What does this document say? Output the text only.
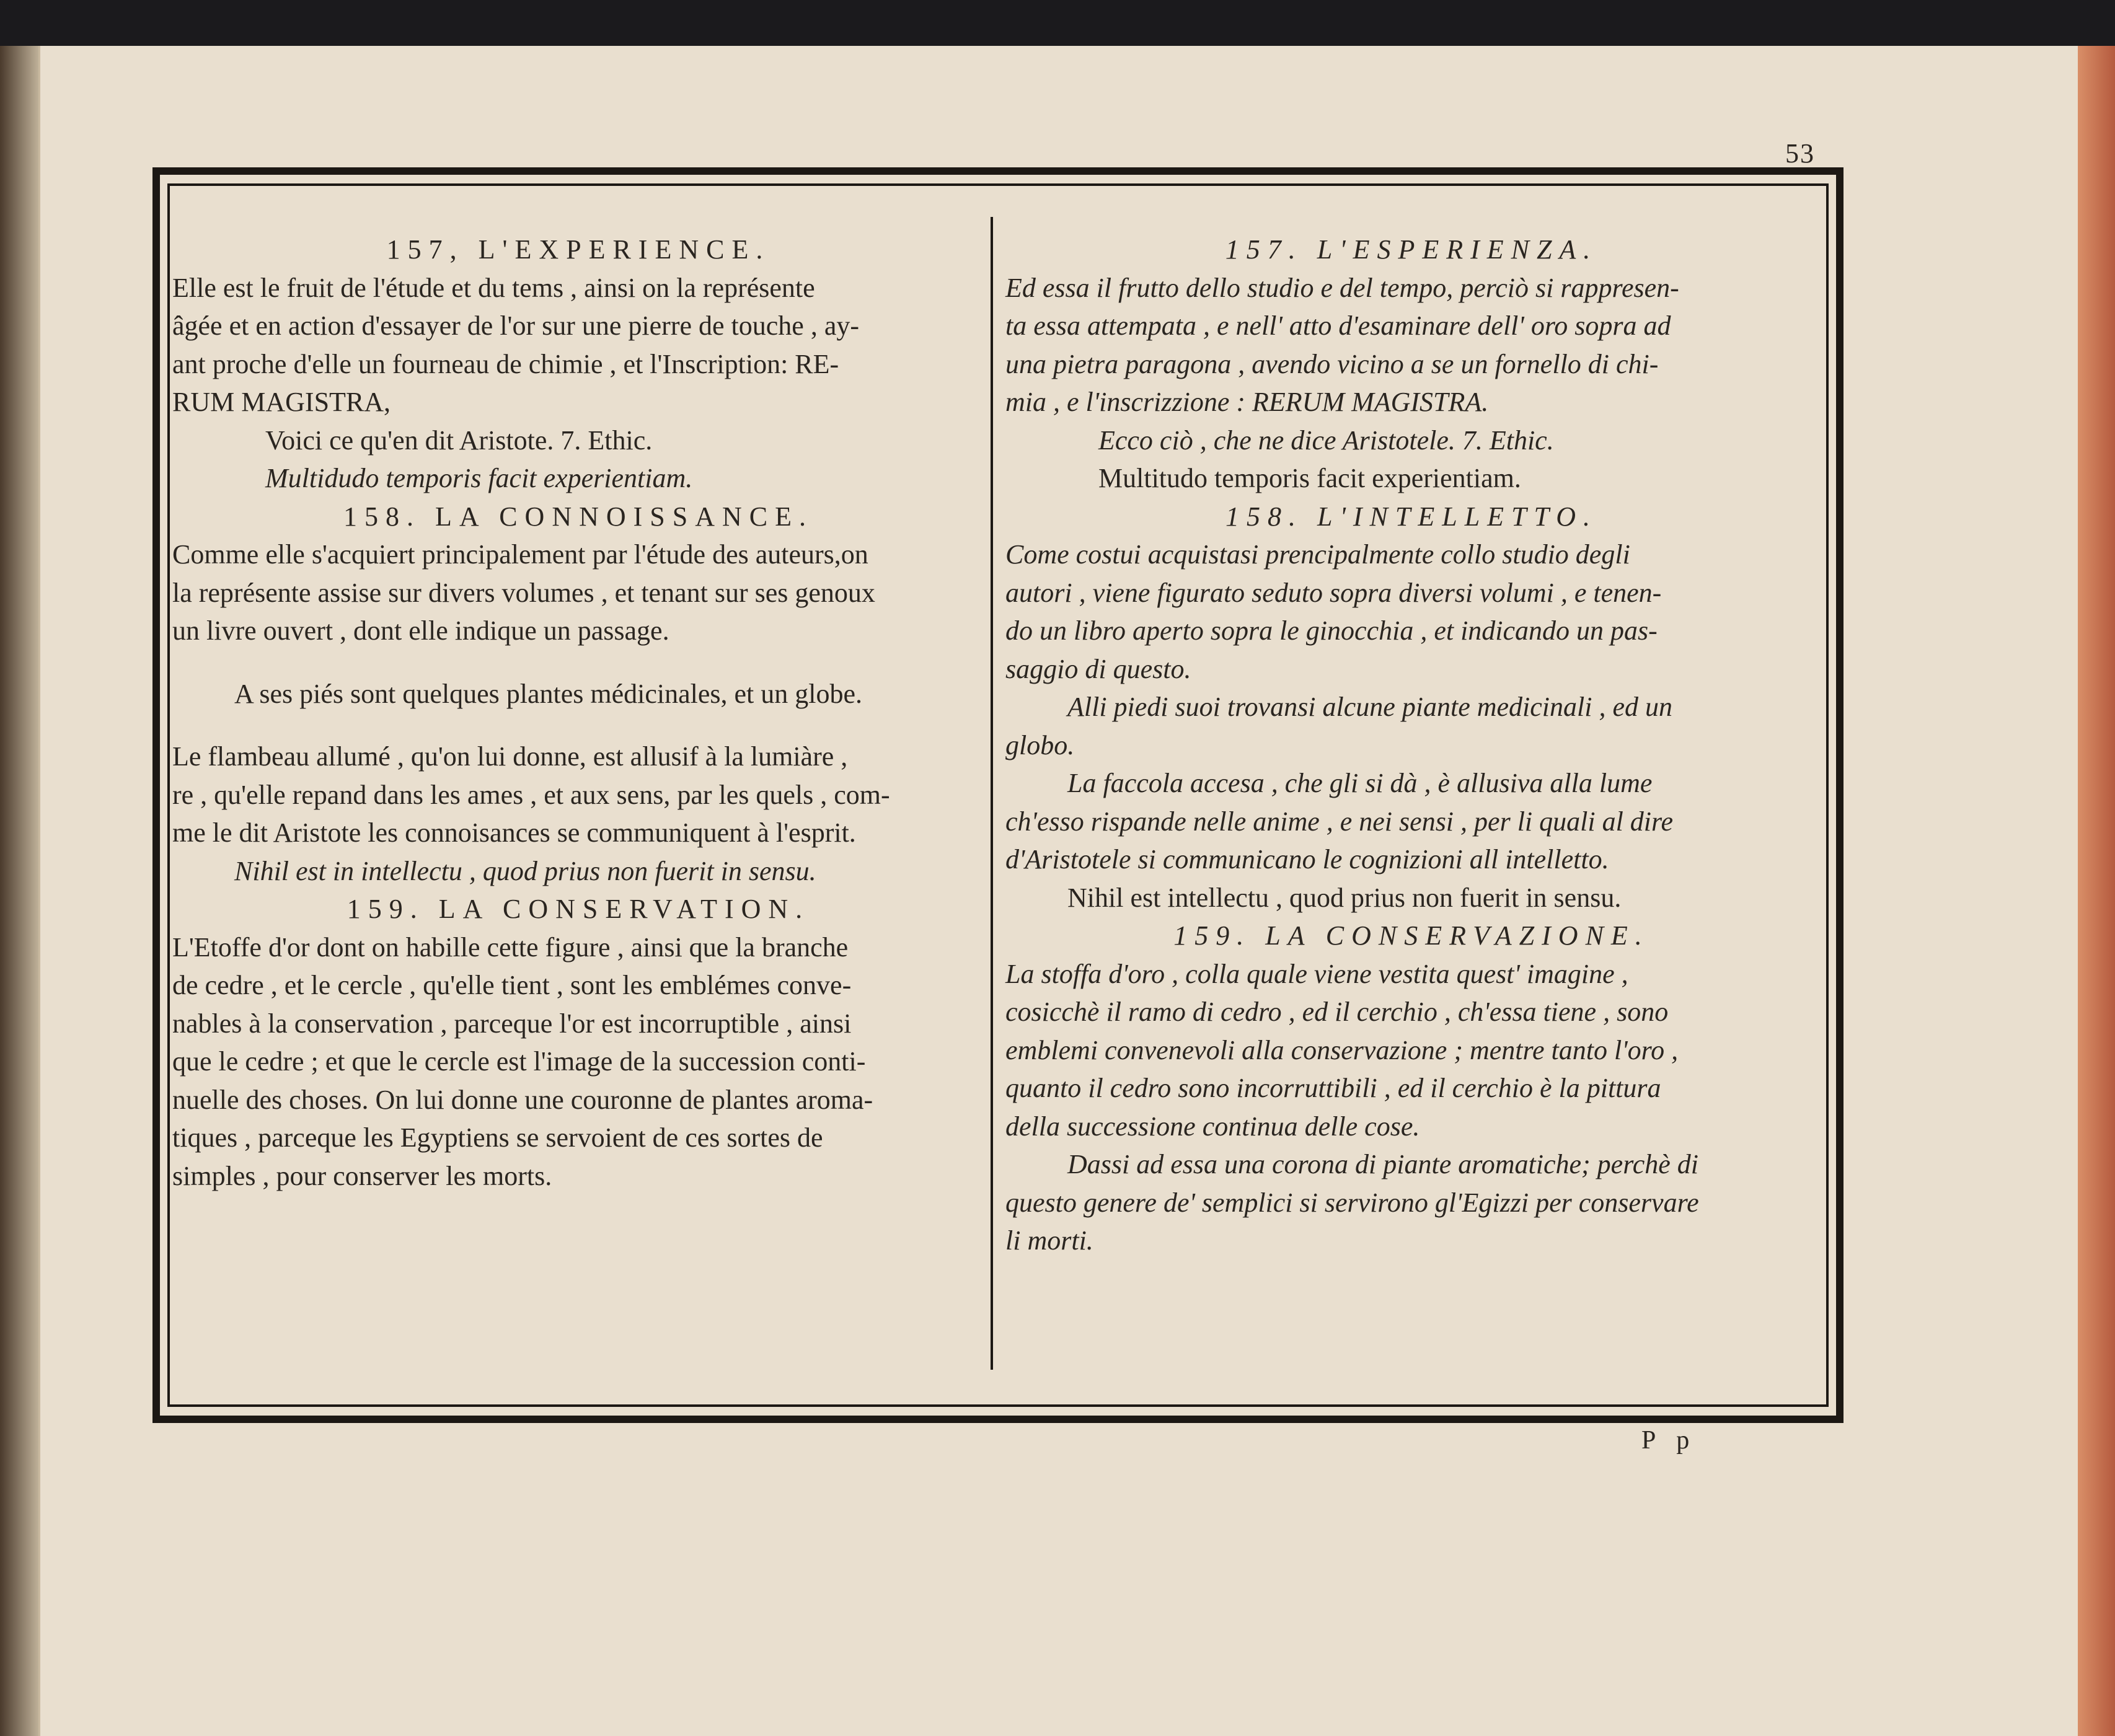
53

157, L'EXPERIENCE.

Elle est le fruit de l'étude et du tems , ainsi on la représente

âgée et en action d'essayer de l'or sur une pierre de touche , ay-

ant proche d'elle un fourneau de chimie , et l'Inscription: RE-

RUM MAGISTRA,

Voici ce qu'en dit Aristote. 7. Ethic.

Multidudo temporis facit experientiam.

158. LA CONNOISSANCE.

Comme elle s'acquiert principalement par l'étude des auteurs,on

la représente assise sur divers volumes , et tenant sur ses genoux

un livre ouvert , dont elle indique un passage.

A ses piés sont quelques plantes médicinales, et un globe.

Le flambeau allumé , qu'on lui donne, est allusif à la lumiàre ,

re , qu'elle repand dans les ames , et aux sens, par les quels , com-

me le dit Aristote les connoisances se communiquent à l'esprit.

Nihil est in intellectu , quod prius non fuerit in sensu.

159. LA CONSERVATION.

L'Etoffe d'or dont on habille cette figure , ainsi que la branche

de cedre , et le cercle , qu'elle tient , sont les emblémes conve-

nables à la conservation , parceque l'or est incorruptible , ainsi

que le cedre ; et que le cercle est l'image de la succession conti-

nuelle des choses. On lui donne une couronne de plantes aroma-

tiques , parceque les Egyptiens se servoient de ces sortes de

simples , pour conserver les morts.

157. L'ESPERIENZA.

Ed essa il frutto dello studio e del tempo, perciò si rappresen-

ta essa attempata , e nell' atto d'esaminare dell' oro sopra ad

una pietra paragona , avendo vicino a se un fornello di chi-

mia , e l'inscrizzione : RERUM MAGISTRA.

Ecco ciò , che ne dice Aristotele. 7. Ethic.

Multitudo temporis facit experientiam.

158. L'INTELLETTO.

Come costui acquistasi prencipalmente collo studio degli

autori , viene figurato seduto sopra diversi volumi , e tenen-

do un libro aperto sopra le ginocchia , et indicando un pas-

saggio di questo.

Alli piedi suoi trovansi alcune piante medicinali , ed un

globo.

La faccola accesa , che gli si dà , è allusiva alla lume

ch'esso rispande nelle anime , e nei sensi , per li quali al dire

d'Aristotele si communicano le cognizioni all intelletto.

Nihil est intellectu , quod prius non fuerit in sensu.

159. LA CONSERVAZIONE.

La stoffa d'oro , colla quale viene vestita quest' imagine ,

cosicchè il ramo di cedro , ed il cerchio , ch'essa tiene , sono

emblemi convenevoli alla conservazione ; mentre tanto l'oro ,

quanto il cedro sono incorruttibili , ed il cerchio è la pittura

della successione continua delle cose.

Dassi ad essa una corona di piante aromatiche; perchè di

questo genere de' semplici si servirono gl'Egizzi per conservare

li morti.

P p
